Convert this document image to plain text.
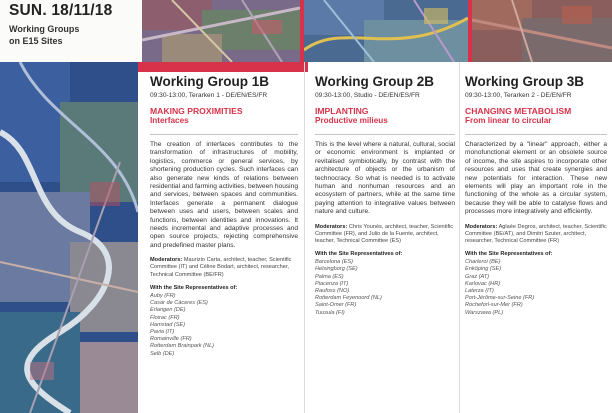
SUN. 18/11/18
Working Groups
on E15 Sites
Working Group 1B
09:30-13:00, Terarken 1 - DE/EN/ES/FR
MAKING PROXIMITIES
Interfaces

The creation of interfaces contributes to the transformation of infrastructures of mobility, logistics, commerce or general services, by shortening production cycles. Such interfaces can also generate new kinds of relations between residential and farming activities, between housing and services, between spaces and communities. Interfaces generate a permanent dialogue between uses and users, between scales and functions, between identities and innovations. It needs incremental and adaptive processes and open source projects, rejecting comprehensive and predefined master plans.

Moderators: Maurizio Carta, architect, teacher, Scientific Committee (IT) and Céline Bodart, architect, researcher, Technical Committee (BE/FR)
With the Site Representatives of:
Auby (FR)
Casar de Cáceres (ES)
Erlangen (DE)
Floirac (FR)
Hamstad (SE)
Pavia (IT)
Romainville (FR)
Rotterdam Brainpark (NL)
Selb (DE)
Working Group 2B
09:30-13:00, Studio - DE/EN/ES/FR
IMPLANTING
Productive milieus

This is the level where a natural, cultural, social or economic environment is implanted or revitalised symbiotically, by contrast with the architecture of objects or the urbanism of technocracy. So what is needed is to activate human and nonhuman resources and an ecosystem of partners, while at the same time paying attention to integrative values between nature and culture.

Moderators: Chris Younès, architect, teacher, Scientific Committee (FR), and Julio de la Fuente, architect, teacher, Technical Committee (ES)
With the Site Representatives of:
Barcelona (ES)
Helsingborg (SE)
Palma (ES)
Piacenza (IT)
Raufoss (NO)
Rotterdam Feyenoord (NL)
Saint-Omer (FR)
Tuusula (FI)
Working Group 3B
09:30-13:00, Terarken 2 - DE/EN/FR
CHANGING METABOLISM
From linear to circular

Characterized by a "linear" approach, either a monofunctional element or an obsolete source of income, the site aspires to incorporate other resources and uses that create synergies and new potentials for interaction. These new elements will play an important role in the functioning of the whole as a circular system, because they will be able to catalyse flows and processes more integratively and efficiently.

Moderators: Aglaée Degros, architect, teacher, Scientific Committee (BE/AT), and Dimitri Szuter, architect, researcher, Technical Committee (FR)
With the Site Representatives of:
Charleroi (BE)
Enköping (SE)
Graz (AT)
Karlovac (HR)
Laterza (IT)
Port-Jérôme-sur-Seine (FR)
Rocheforl-sur-Mer (FR)
Warszawa (PL)
